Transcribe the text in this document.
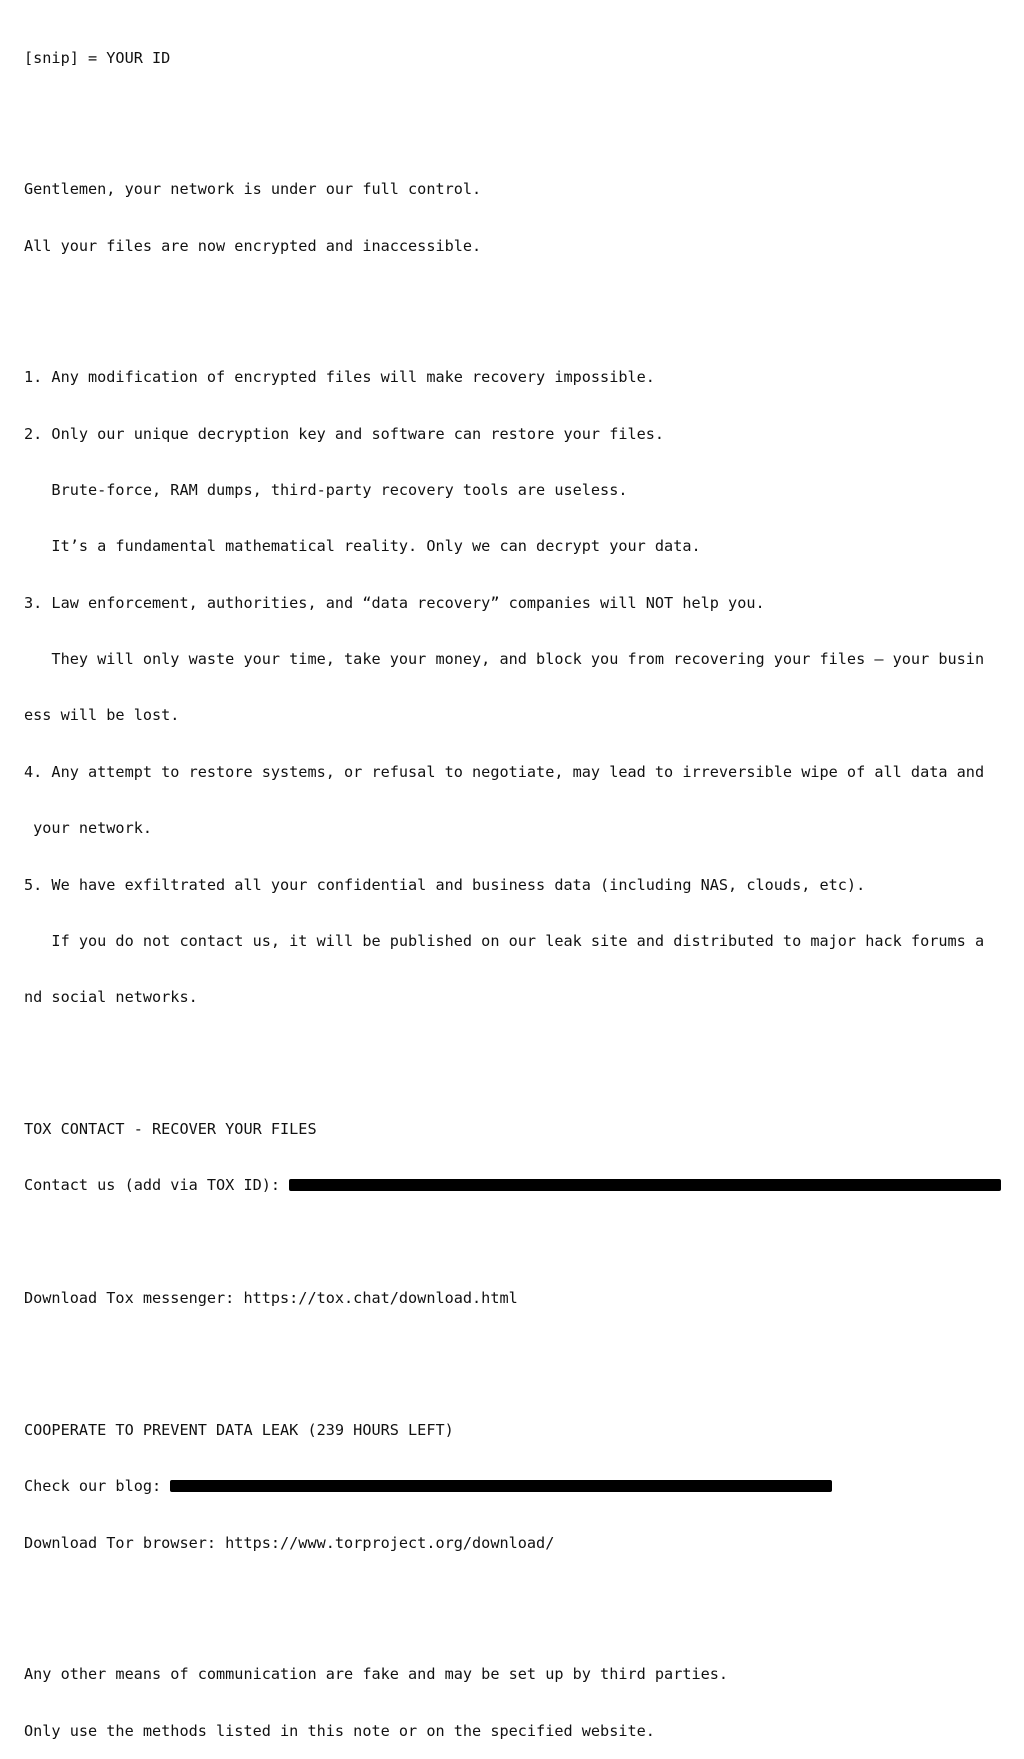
[snip] = YOUR ID

Gentlemen, your network is under our full control.

All your files are now encrypted and inaccessible.

1. Any modification of encrypted files will make recovery impossible.

2. Only our unique decryption key and software can restore your files.

Brute-force, RAM dumps, third-party recovery tools are useless.

It’s a fundamental mathematical reality. Only we can decrypt your data.

3. Law enforcement, authorities, and “data recovery” companies will NOT help you.

They will only waste your time, take your money, and block you from recovering your files — your busin

ess will be lost.

4. Any attempt to restore systems, or refusal to negotiate, may lead to irreversible wipe of all data and

your network.

5. We have exfiltrated all your confidential and business data (including NAS, clouds, etc).

If you do not contact us, it will be published on our leak site and distributed to major hack forums a

nd social networks.

TOX CONTACT - RECOVER YOUR FILES

Contact us (add via TOX ID):

Download Tox messenger: https://tox.chat/download.html

COOPERATE TO PREVENT DATA LEAK (239 HOURS LEFT)

Check our blog:

Download Tor browser: https://www.torproject.org/download/

Any other means of communication are fake and may be set up by third parties.

Only use the methods listed in this note or on the specified website.
